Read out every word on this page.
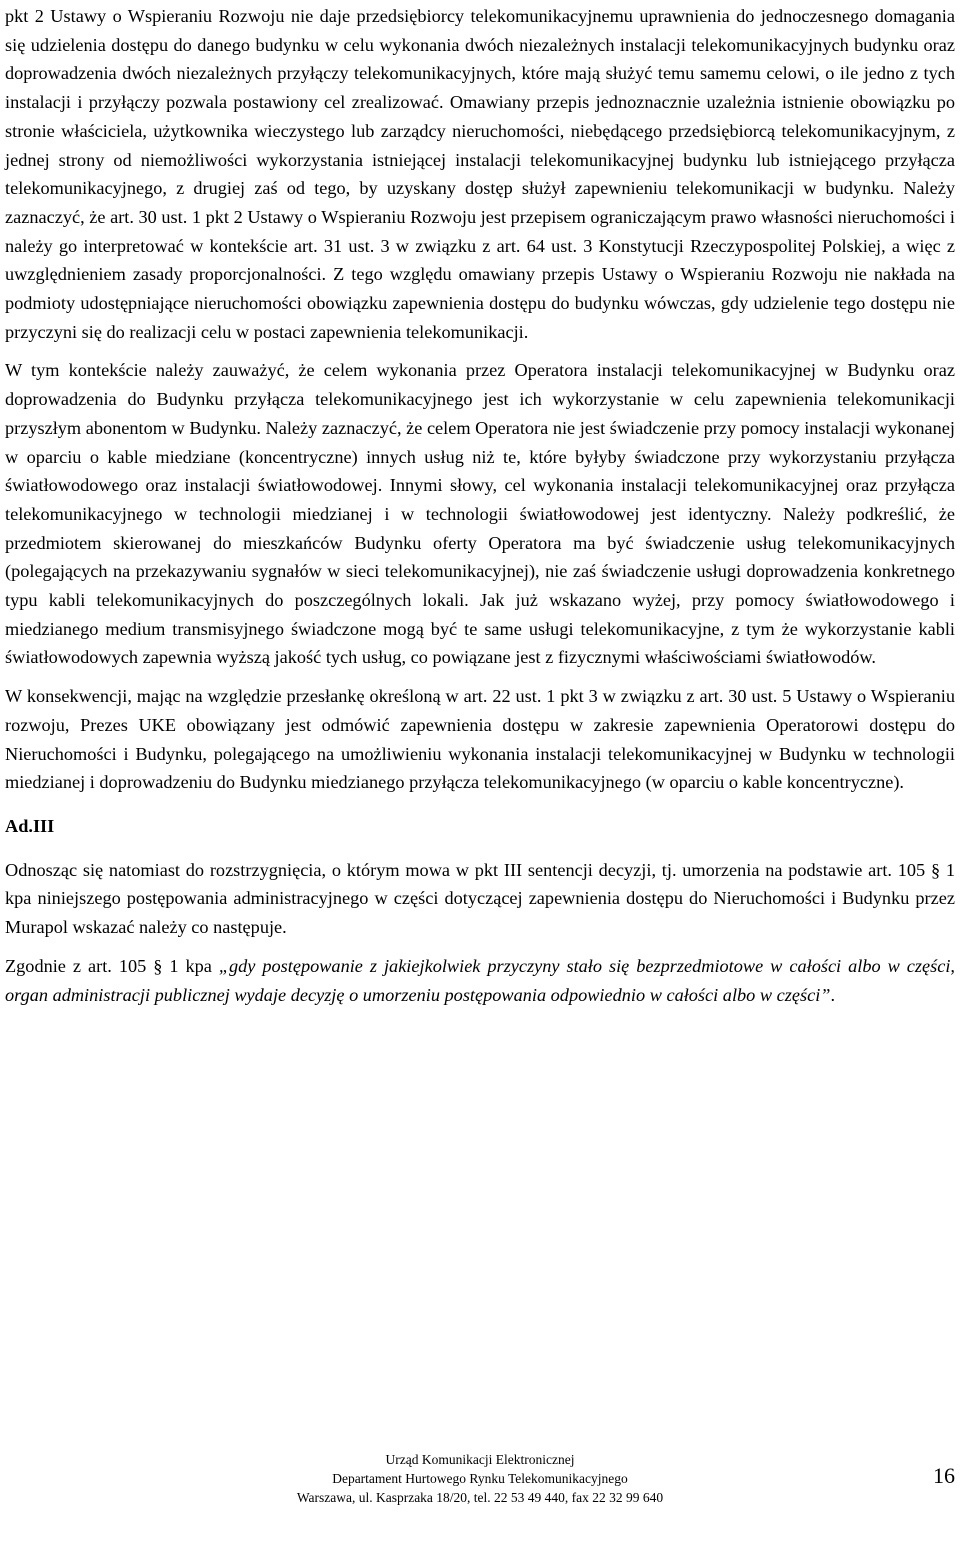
pkt 2 Ustawy o Wspieraniu Rozwoju nie daje przedsiębiorcy telekomunikacyjnemu uprawnienia do jednoczesnego domagania się udzielenia dostępu do danego budynku w celu wykonania dwóch niezależnych instalacji telekomunikacyjnych budynku oraz doprowadzenia dwóch niezależnych przyłączy telekomunikacyjnych, które mają służyć temu samemu celowi, o ile jedno z tych instalacji i przyłączy pozwala postawiony cel zrealizować. Omawiany przepis jednoznacznie uzależnia istnienie obowiązku po stronie właściciela, użytkownika wieczystego lub zarządcy nieruchomości, niebędącego przedsiębiorcą telekomunikacyjnym, z jednej strony od niemożliwości wykorzystania istniejącej instalacji telekomunikacyjnej budynku lub istniejącego przyłącza telekomunikacyjnego, z drugiej zaś od tego, by uzyskany dostęp służył zapewnieniu telekomunikacji w budynku. Należy zaznaczyć, że art. 30 ust. 1 pkt 2 Ustawy o Wspieraniu Rozwoju jest przepisem ograniczającym prawo własności nieruchomości i należy go interpretować w kontekście art. 31 ust. 3 w związku z art. 64 ust. 3 Konstytucji Rzeczypospolitej Polskiej, a więc z uwzględnieniem zasady proporcjonalności. Z tego względu omawiany przepis Ustawy o Wspieraniu Rozwoju nie nakłada na podmioty udostępniające nieruchomości obowiązku zapewnienia dostępu do budynku wówczas, gdy udzielenie tego dostępu nie przyczyni się do realizacji celu w postaci zapewnienia telekomunikacji.

W tym kontekście należy zauważyć, że celem wykonania przez Operatora instalacji telekomunikacyjnej w Budynku oraz doprowadzenia do Budynku przyłącza telekomunikacyjnego jest ich wykorzystanie w celu zapewnienia telekomunikacji przyszłym abonentom w Budynku. Należy zaznaczyć, że celem Operatora nie jest świadczenie przy pomocy instalacji wykonanej w oparciu o kable miedziane (koncentryczne) innych usług niż te, które byłyby świadczone przy wykorzystaniu przyłącza światłowodowego oraz instalacji światłowodowej. Innymi słowy, cel wykonania instalacji telekomunikacyjnej oraz przyłącza telekomunikacyjnego w technologii miedzianej i w technologii światłowodowej jest identyczny. Należy podkreślić, że przedmiotem skierowanej do mieszkańców Budynku oferty Operatora ma być świadczenie usług telekomunikacyjnych (polegających na przekazywaniu sygnałów w sieci telekomunikacyjnej), nie zaś świadczenie usługi doprowadzenia konkretnego typu kabli telekomunikacyjnych do poszczególnych lokali. Jak już wskazano wyżej, przy pomocy światłowodowego i miedzianego medium transmisyjnego świadczone mogą być te same usługi telekomunikacyjne, z tym że wykorzystanie kabli światłowodowych zapewnia wyższą jakość tych usług, co powiązane jest z fizycznymi właściwościami światłowodów.

W konsekwencji, mając na względzie przesłankę określoną w art. 22 ust. 1 pkt 3 w związku z art. 30 ust. 5 Ustawy o Wspieraniu rozwoju, Prezes UKE obowiązany jest odmówić zapewnienia dostępu w zakresie zapewnienia Operatorowi dostępu do Nieruchomości i Budynku, polegającego na umożliwieniu wykonania instalacji telekomunikacyjnej w Budynku w technologii miedzianej i doprowadzeniu do Budynku miedzianego przyłącza telekomunikacyjnego (w oparciu o kable koncentryczne).

Ad.III

Odnosząc się natomiast do rozstrzygnięcia, o którym mowa w pkt III sentencji decyzji, tj. umorzenia na podstawie art. 105 § 1 kpa niniejszego postępowania administracyjnego w części dotyczącej zapewnienia dostępu do Nieruchomości i Budynku przez Murapol wskazać należy co następuje.

Zgodnie z art. 105 § 1 kpa „gdy postępowanie z jakiejkolwiek przyczyny stało się bezprzedmiotowe w całości albo w części, organ administracji publicznej wydaje decyzję o umorzeniu postępowania odpowiednio w całości albo w części”.

Urząd Komunikacji Elektronicznej
Departament Hurtowego Rynku Telekomunikacyjnego
Warszawa, ul. Kasprzaka 18/20, tel. 22 53 49 440, fax 22 32 99 640
16
